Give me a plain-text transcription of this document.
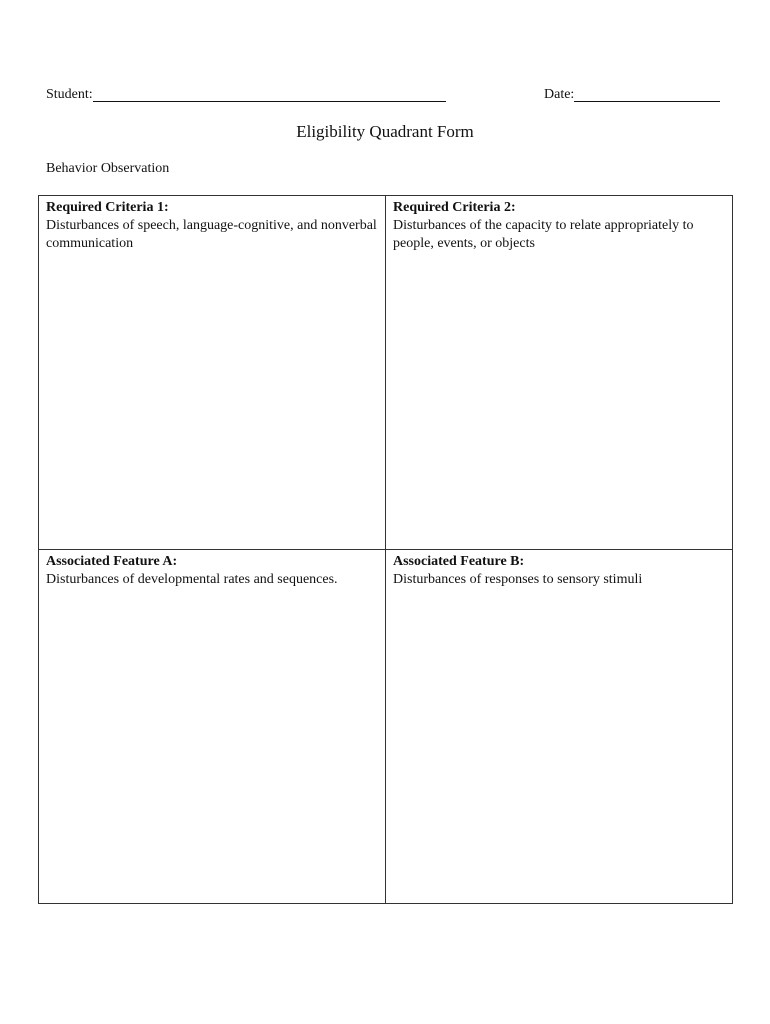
Student:	Date:
Eligibility Quadrant Form
Behavior Observation
Required Criteria 1:
Disturbances of speech, language-cognitive, and nonverbal communication
Required Criteria 2:
Disturbances of the capacity to relate appropriately to people, events, or objects
Associated Feature A:
Disturbances of developmental rates and sequences.
Associated Feature B:
Disturbances of responses to sensory stimuli
